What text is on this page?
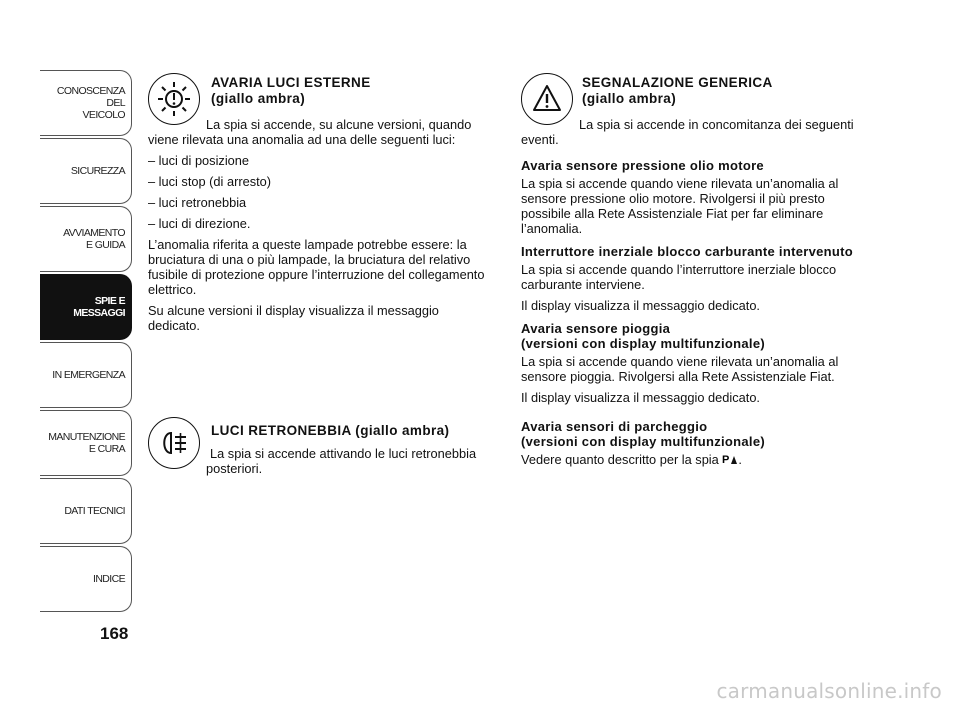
CONOSCENZA
DEL
VEICOLO
SICUREZZA
AVVIAMENTO
E GUIDA
SPIE E
MESSAGGI
IN EMERGENZA
MANUTENZIONE
E CURA
DATI TECNICI
INDICE
168
AVARIA LUCI ESTERNE
(giallo ambra)

La spia si accende, su alcune versioni, quando viene rilevata una anomalia ad una delle seguenti luci:

– luci di posizione

– luci stop (di arresto)

– luci retronebbia

– luci di direzione.

L’anomalia riferita a queste lampade potrebbe essere: la bruciatura di una o più lampade, la bruciatura del relativo fusibile di protezione oppure l’interruzione del collegamento elettrico.

Su alcune versioni il display visualizza il messaggio dedicato.

LUCI RETRONEBBIA (giallo ambra)

La spia si accende attivando le luci retronebbia posteriori.

SEGNALAZIONE GENERICA
(giallo ambra)

La spia si accende in concomitanza dei seguenti eventi.

Avaria sensore pressione olio motore

La spia si accende quando viene rilevata un’anomalia al sensore pressione olio motore. Rivolgersi il più presto possibile alla Rete Assistenziale Fiat per far eliminare l’anomalia.

Interruttore inerziale blocco carburante intervenuto

La spia si accende quando l’interruttore inerziale blocco carburante interviene.

Il display visualizza il messaggio dedicato.

Avaria sensore pioggia
(versioni con display multifunzionale)

La spia si accende quando viene rilevata un’anomalia al sensore pioggia. Rivolgersi alla Rete Assistenziale Fiat.

Il display visualizza il messaggio dedicato.

Avaria sensori di parcheggio
(versioni con display multifunzionale)

Vedere quanto descritto per la spia P .

carmanualsonline.info
